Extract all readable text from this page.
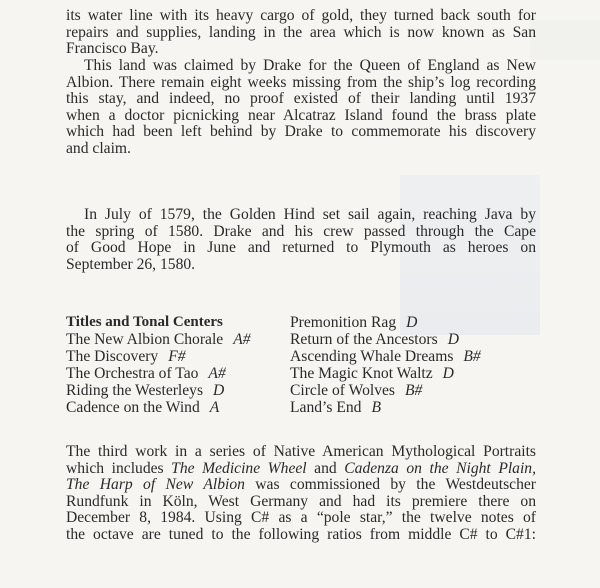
its water line with its heavy cargo of gold, they turned back south for
repairs and supplies, landing in the area which is now known as San
Francisco Bay.
This land was claimed by Drake for the Queen of England as New
Albion. There remain eight weeks missing from the ship’s log recording
this stay, and indeed, no proof existed of their landing until 1937
when a doctor picnicking near Alcatraz Island found the brass plate
which had been left behind by Drake to commemorate his discovery
and claim.
In July of 1579, the Golden Hind set sail again, reaching Java by
the spring of 1580. Drake and his crew passed through the Cape
of Good Hope in June and returned to Plymouth as heroes on
September 26, 1580.
Titles and Tonal Centers
The New Albion Chorale A#
The Discovery F#
The Orchestra of Tao A#
Riding the Westerleys D
Cadence on the Wind A
Premonition Rag D
Return of the Ancestors D
Ascending Whale Dreams B#
The Magic Knot Waltz D
Circle of Wolves B#
Land’s End B
The third work in a series of Native American Mythological Portraits
which includes The Medicine Wheel and Cadenza on the Night Plain,
The Harp of New Albion was commissioned by the Westdeutscher
Rundfunk in Köln, West Germany and had its premiere there on
December 8, 1984. Using C# as a “pole star,” the twelve notes of
the octave are tuned to the following ratios from middle C# to C#1:
